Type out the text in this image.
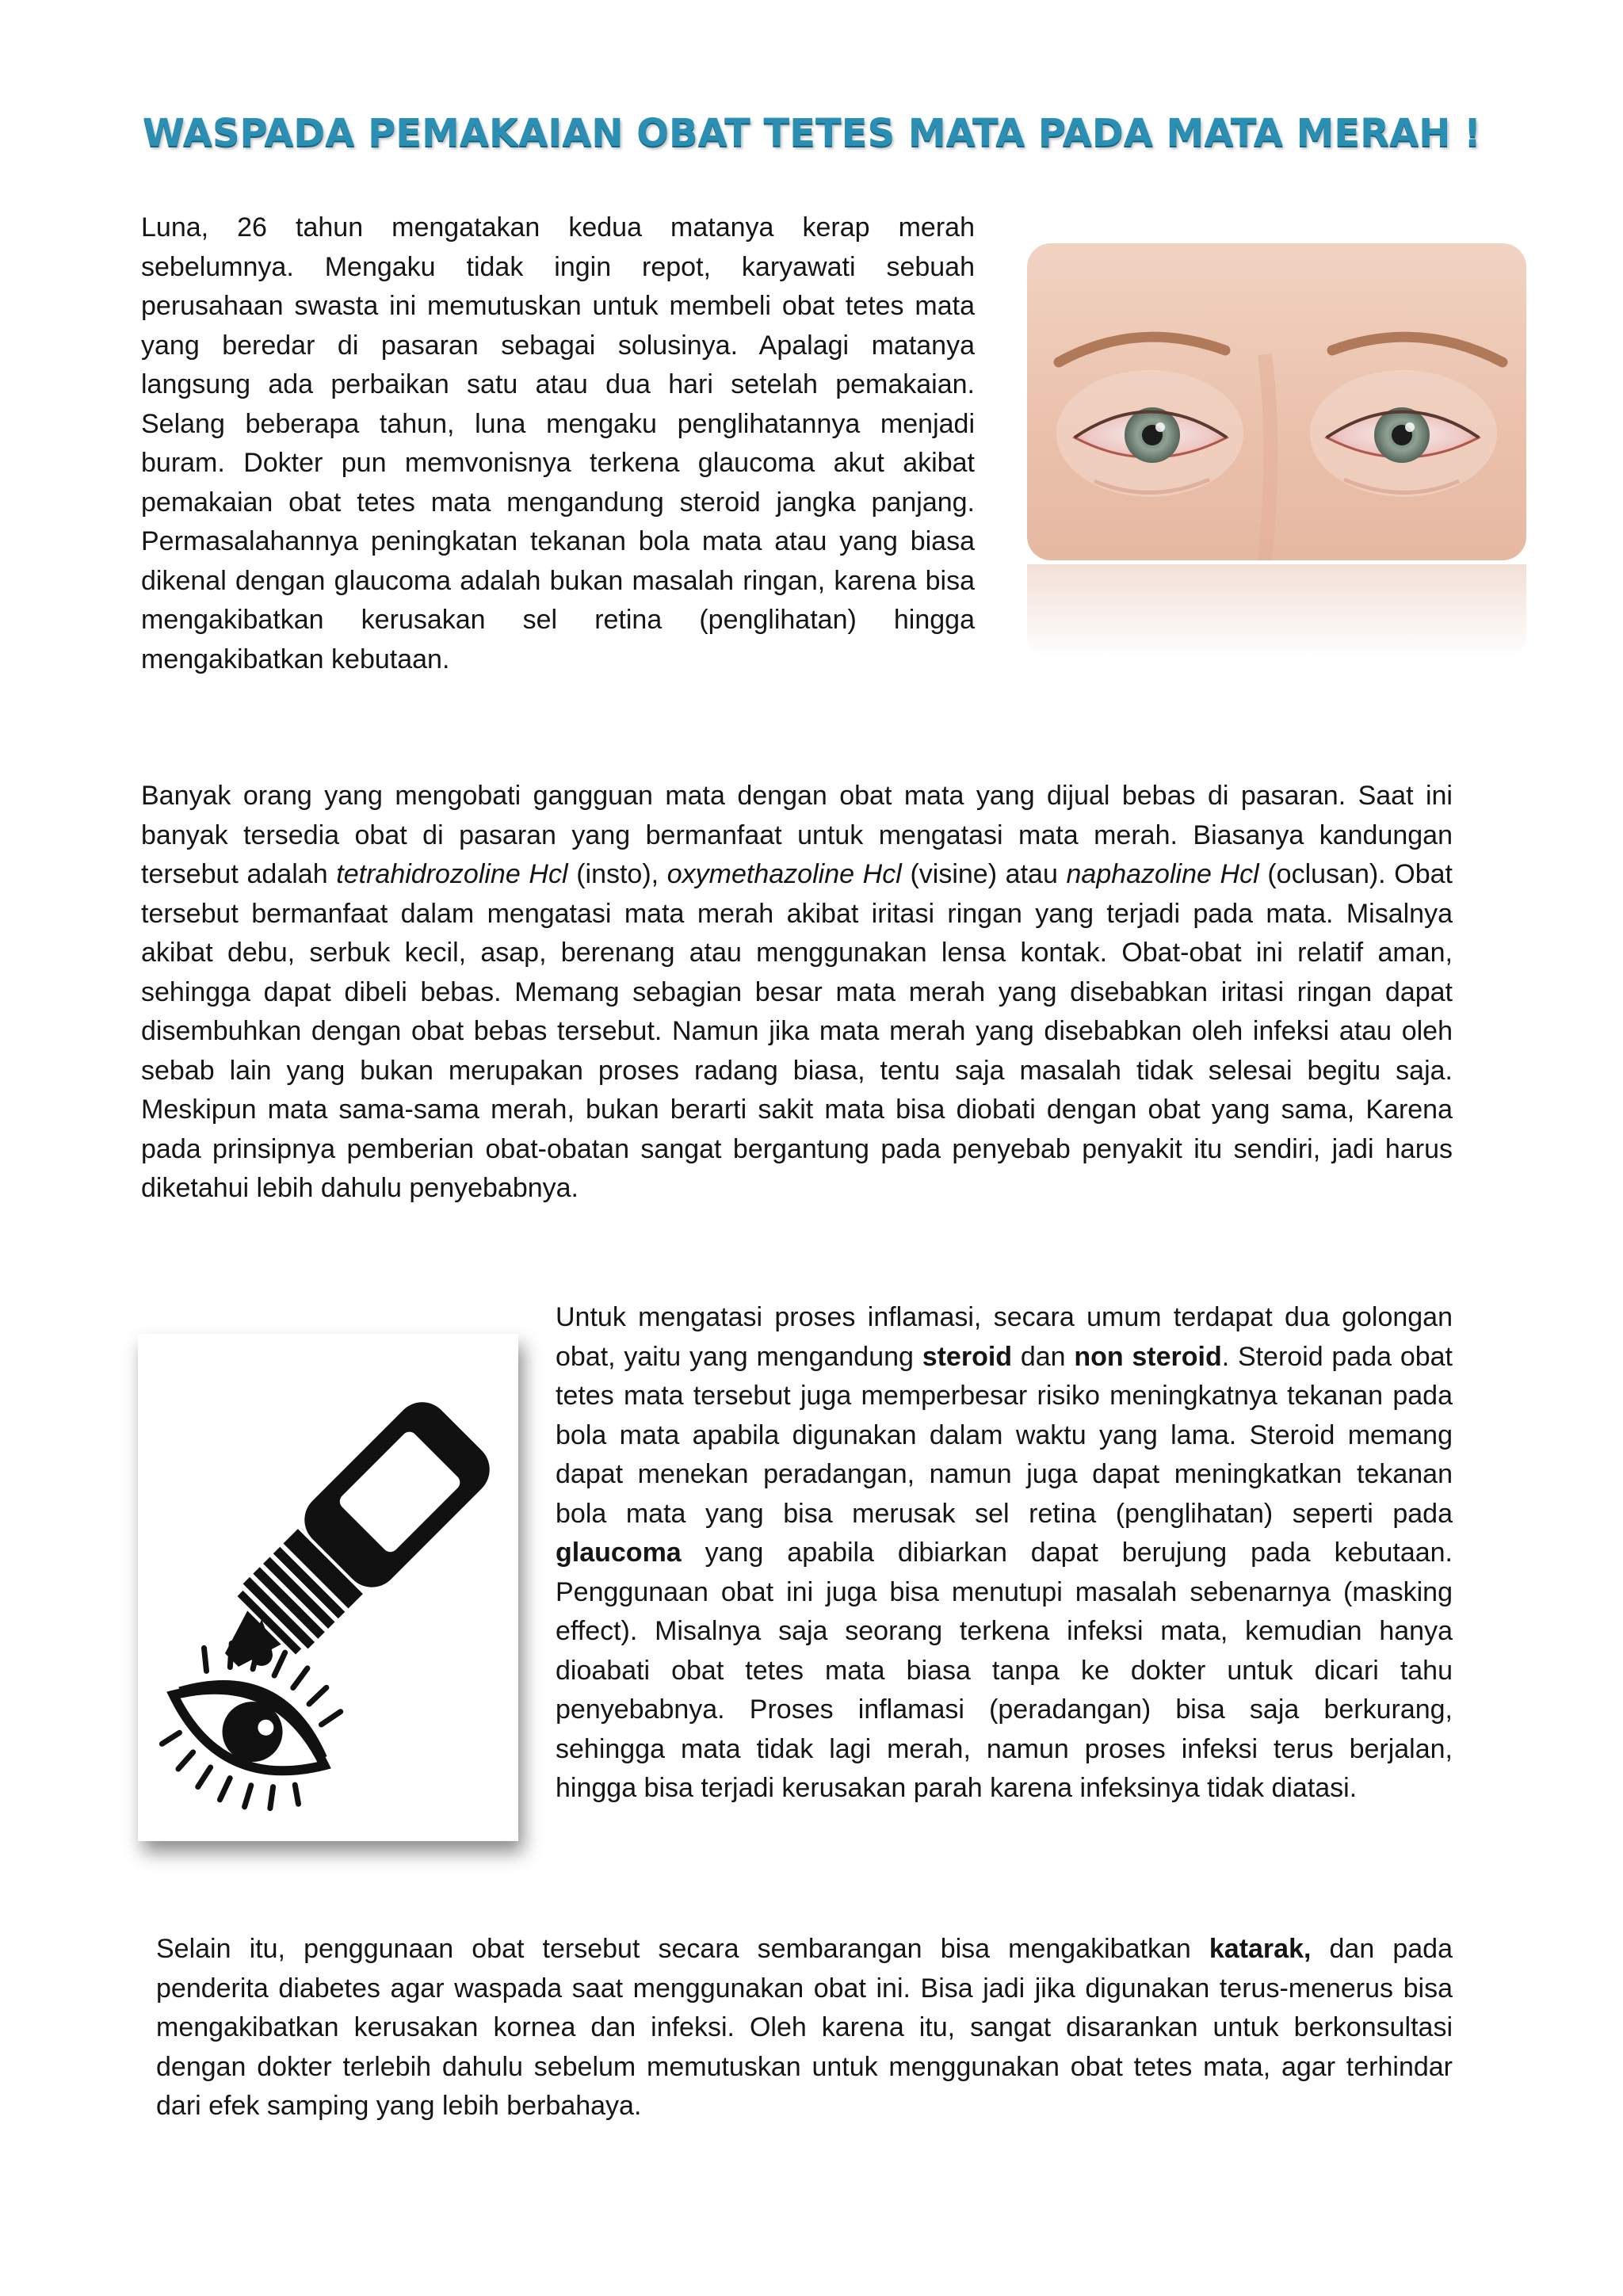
WASPADA PEMAKAIAN OBAT TETES MATA PADA MATA MERAH !

Luna, 26 tahun mengatakan kedua matanya kerap merah sebelumnya. Mengaku tidak ingin repot, karyawati sebuah perusahaan swasta ini memutuskan untuk membeli obat tetes mata yang beredar di pasaran sebagai solusinya. Apalagi matanya langsung ada perbaikan satu atau dua hari setelah pemakaian. Selang beberapa tahun, luna mengaku penglihatannya menjadi buram. Dokter pun memvonisnya terkena glaucoma akut akibat pemakaian obat tetes mata mengandung steroid jangka panjang. Permasalahannya peningkatan tekanan bola mata atau yang biasa dikenal dengan glaucoma adalah bukan masalah ringan, karena bisa mengakibatkan kerusakan sel retina (penglihatan) hingga mengakibatkan kebutaan.

Banyak orang yang mengobati gangguan mata dengan obat mata yang dijual bebas di pasaran. Saat ini banyak tersedia obat di pasaran yang bermanfaat untuk mengatasi mata merah. Biasanya kandungan tersebut adalah tetrahidrozoline Hcl (insto), oxymethazoline Hcl (visine) atau naphazoline Hcl (oclusan). Obat tersebut bermanfaat dalam mengatasi mata merah akibat iritasi ringan yang terjadi pada mata. Misalnya akibat debu, serbuk kecil, asap, berenang atau menggunakan lensa kontak. Obat-obat ini relatif aman, sehingga dapat dibeli bebas. Memang sebagian besar mata merah yang disebabkan iritasi ringan dapat disembuhkan dengan obat bebas tersebut. Namun jika mata merah yang disebabkan oleh infeksi atau oleh sebab lain yang bukan merupakan proses radang biasa, tentu saja masalah tidak selesai begitu saja. Meskipun mata sama-sama merah, bukan berarti sakit mata bisa diobati dengan obat yang sama, Karena pada prinsipnya pemberian obat-obatan sangat bergantung pada penyebab penyakit itu sendiri, jadi harus diketahui lebih dahulu penyebabnya.

Untuk mengatasi proses inflamasi, secara umum terdapat dua golongan obat, yaitu yang mengandung steroid dan non steroid. Steroid pada obat tetes mata tersebut juga memperbesar risiko meningkatnya tekanan pada bola mata apabila digunakan dalam waktu yang lama. Steroid memang dapat menekan peradangan, namun juga dapat meningkatkan tekanan bola mata yang bisa merusak sel retina (penglihatan) seperti pada glaucoma yang apabila dibiarkan dapat berujung pada kebutaan. Penggunaan obat ini juga bisa menutupi masalah sebenarnya (masking effect). Misalnya saja seorang terkena infeksi mata, kemudian hanya dioabati obat tetes mata biasa tanpa ke dokter untuk dicari tahu penyebabnya. Proses inflamasi (peradangan) bisa saja berkurang, sehingga mata tidak lagi merah, namun proses infeksi terus berjalan, hingga bisa terjadi kerusakan parah karena infeksinya tidak diatasi.

Selain itu, penggunaan obat tersebut secara sembarangan bisa mengakibatkan katarak, dan pada penderita diabetes agar waspada saat menggunakan obat ini. Bisa jadi jika digunakan terus-menerus bisa mengakibatkan kerusakan kornea dan infeksi. Oleh karena itu, sangat disarankan untuk berkonsultasi dengan dokter terlebih dahulu sebelum memutuskan untuk menggunakan obat tetes mata, agar terhindar dari efek samping yang lebih berbahaya.
